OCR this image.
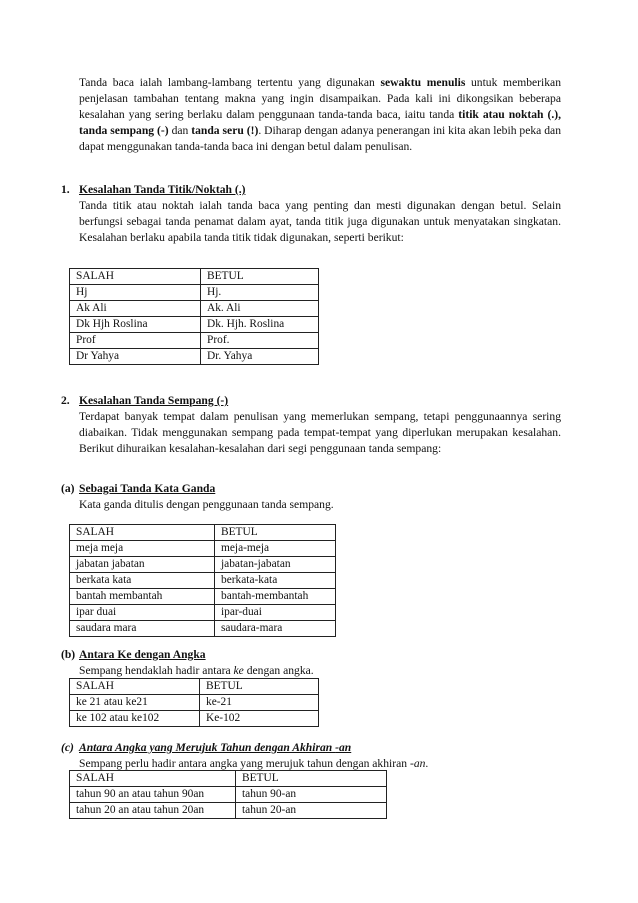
Tanda baca ialah lambang-lambang tertentu yang digunakan sewaktu menulis untuk memberikan penjelasan tambahan tentang makna yang ingin disampaikan. Pada kali ini dikongsikan beberapa kesalahan yang sering berlaku dalam penggunaan tanda-tanda baca, iaitu tanda titik atau noktah (.), tanda sempang (-) dan tanda seru (!). Diharap dengan adanya penerangan ini kita akan lebih peka dan dapat menggunakan tanda-tanda baca ini dengan betul dalam penulisan.
1. Kesalahan Tanda Titik/Noktah (.)
Tanda titik atau noktah ialah tanda baca yang penting dan mesti digunakan dengan betul. Selain berfungsi sebagai tanda penamat dalam ayat, tanda titik juga digunakan untuk menyatakan singkatan. Kesalahan berlaku apabila tanda titik tidak digunakan, seperti berikut:
SALAH	BETUL
Hj	Hj.
Ak Ali	Ak. Ali
Dk Hjh Roslina	Dk. Hjh. Roslina
Prof	Prof.
Dr Yahya	Dr. Yahya
2. Kesalahan Tanda Sempang (-)
Terdapat banyak tempat dalam penulisan yang memerlukan sempang, tetapi penggunaannya sering diabaikan. Tidak menggunakan sempang pada tempat-tempat yang diperlukan merupakan kesalahan. Berikut dihuraikan kesalahan-kesalahan dari segi penggunaan tanda sempang:
(a) Sebagai Tanda Kata Ganda
Kata ganda ditulis dengan penggunaan tanda sempang.
SALAH	BETUL
meja meja	meja-meja
jabatan jabatan	jabatan-jabatan
berkata kata	berkata-kata
bantah membantah	bantah-membantah
ipar duai	ipar-duai
saudara mara	saudara-mara
(b) Antara Ke dengan Angka
Sempang hendaklah hadir antara ke dengan angka.
SALAH	BETUL
ke 21 atau ke21	ke-21
ke 102 atau ke102	Ke-102
(c) Antara Angka yang Merujuk Tahun dengan Akhiran -an
Sempang perlu hadir antara angka yang merujuk tahun dengan akhiran -an.
SALAH	BETUL
tahun 90 an atau tahun 90an	tahun 90-an
tahun 20 an atau tahun 20an	tahun 20-an
